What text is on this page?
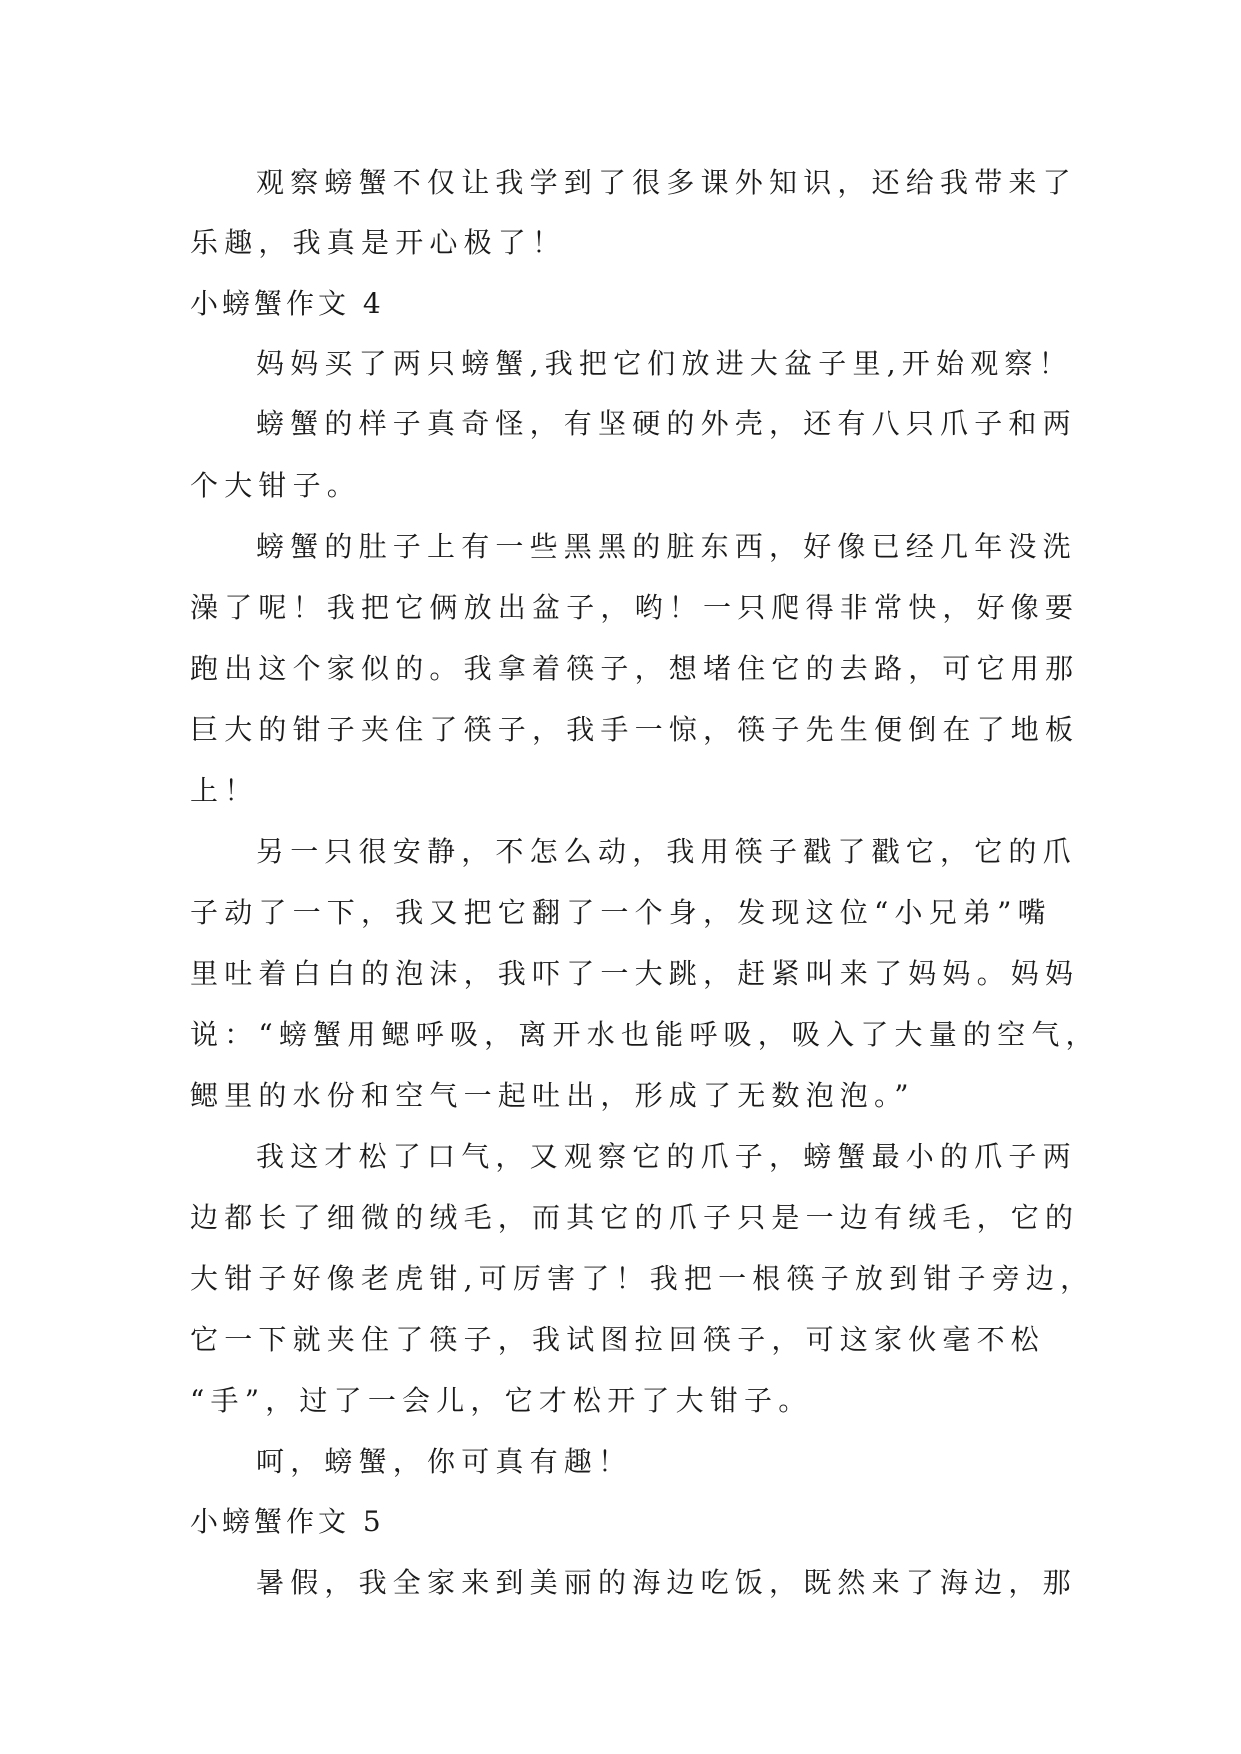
观察螃蟹不仅让我学到了很多课外知识，还给我带来了
乐趣，我真是开心极了！
小螃蟹作文 4
妈妈买了两只螃蟹,我把它们放进大盆子里,开始观察！
螃蟹的样子真奇怪，有坚硬的外壳，还有八只爪子和两
个大钳子。
螃蟹的肚子上有一些黑黑的脏东西，好像已经几年没洗
澡了呢！我把它俩放出盆子，哟！一只爬得非常快，好像要
跑出这个家似的。我拿着筷子，想堵住它的去路，可它用那
巨大的钳子夹住了筷子，我手一惊，筷子先生便倒在了地板
上！
另一只很安静，不怎么动，我用筷子戳了戳它，它的爪
子动了一下，我又把它翻了一个身，发现这位“小兄弟”嘴
里吐着白白的泡沫，我吓了一大跳，赶紧叫来了妈妈。妈妈
说：“螃蟹用鳃呼吸，离开水也能呼吸，吸入了大量的空气，
鳃里的水份和空气一起吐出，形成了无数泡泡。”
我这才松了口气，又观察它的爪子，螃蟹最小的爪子两
边都长了细微的绒毛，而其它的爪子只是一边有绒毛，它的
大钳子好像老虎钳,可厉害了！我把一根筷子放到钳子旁边，
它一下就夹住了筷子，我试图拉回筷子，可这家伙毫不松
“手”，过了一会儿，它才松开了大钳子。
呵，螃蟹，你可真有趣！
小螃蟹作文 5
暑假，我全家来到美丽的海边吃饭，既然来了海边，那
